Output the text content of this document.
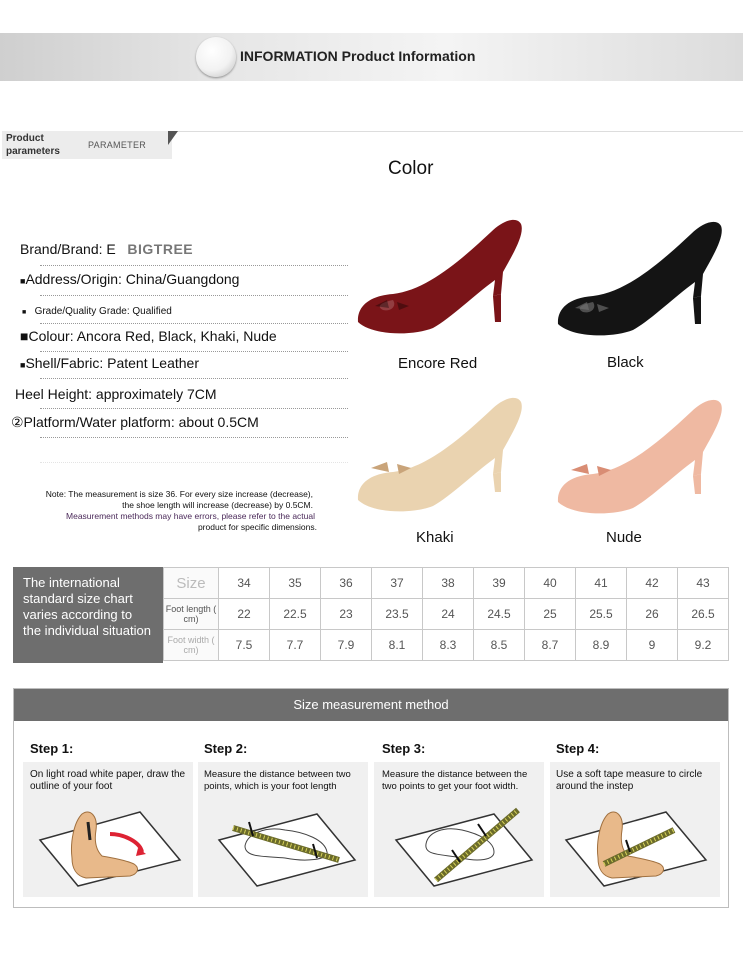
INFORMATION Product Information
Product
parameters
PARAMETER
Color
Brand/Brand: E BIGTREE
■Address/Origin: China/Guangdong
■ Grade/Quality Grade: Qualified
■Colour: Ancora Red, Black, Khaki, Nude
■Shell/Fabric: Patent Leather
Heel Height: approximately 7CM
②Platform/Water platform: about 0.5CM
Note: The measurement is size 36. For every size increase (decrease),
the shoe length will increase (decrease) by 0.5CM.
Measurement methods may have errors, please refer to the actual
product for specific dimensions.
Encore Red	Black
Khaki	Nude
The international standard size chart varies according to the individual situation
Size	34	35	36	37	38	39	40	41	42	43
Foot length ( cm)	22	22.5	23	23.5	24	24.5	25	25.5	26	26.5
Foot width ( cm)	7.5	7.7	7.9	8.1	8.3	8.5	8.7	8.9	9	9.2
Size measurement method
Step 1:
On light road white paper, draw the outline of your foot
Step 2:
Measure the distance between two points, which is your foot length
Step 3:
Measure the distance between the two points to get your foot width.
Step 4:
Use a soft tape measure to circle around the instep
